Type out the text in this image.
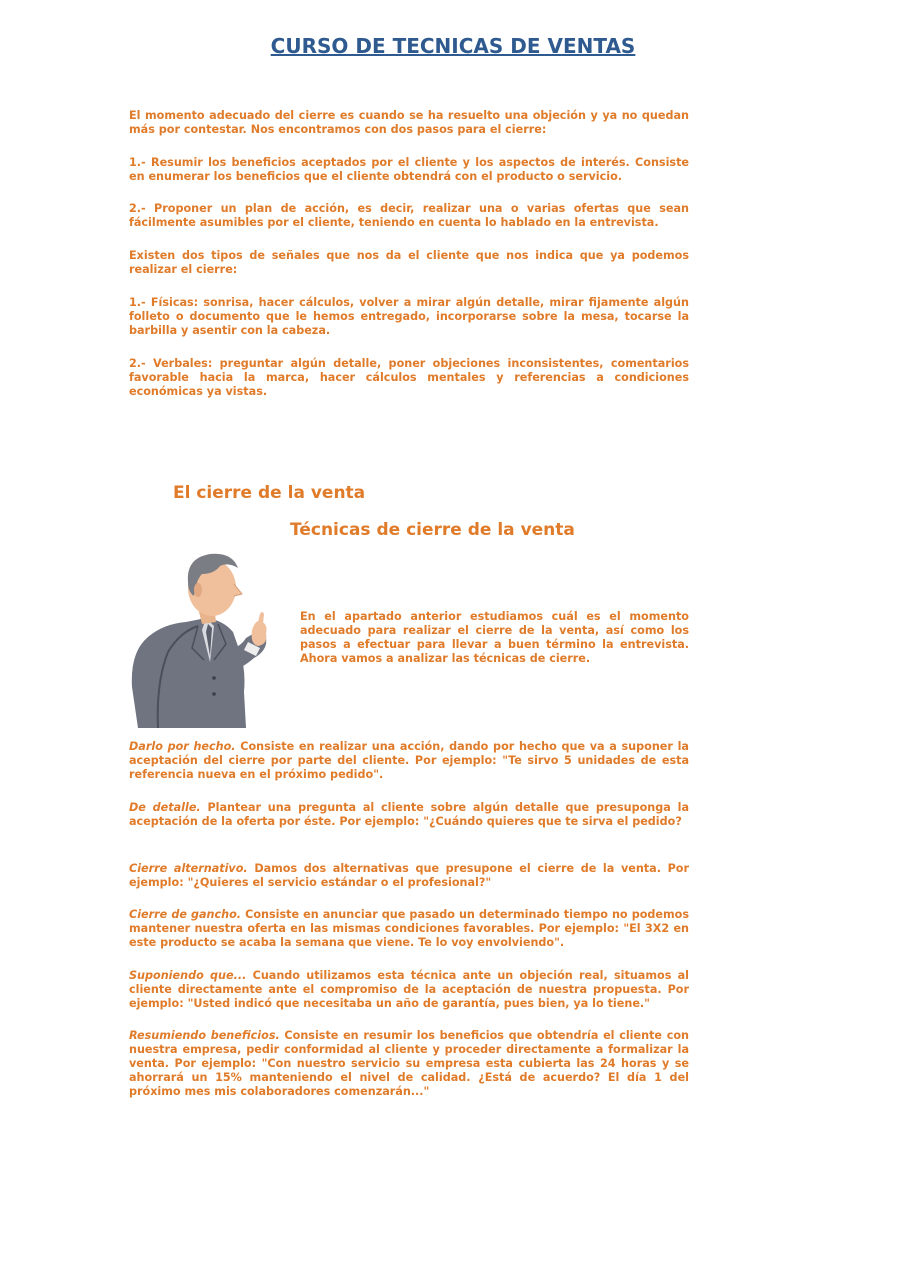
CURSO DE TECNICAS DE VENTAS

El momento adecuado del cierre es cuando se ha resuelto una objeción y ya no quedan más por contestar. Nos encontramos con dos pasos para el cierre:

1.- Resumir los beneficios aceptados por el cliente y los aspectos de interés. Consiste en enumerar los beneficios que el cliente obtendrá con el producto o servicio.

2.- Proponer un plan de acción, es decir, realizar una o varias ofertas que sean fácilmente asumibles por el cliente, teniendo en cuenta lo hablado en la entrevista.

Existen dos tipos de señales que nos da el cliente que nos indica que ya podemos realizar el cierre:

1.- Físicas: sonrisa, hacer cálculos, volver a mirar algún detalle, mirar fijamente algún folleto o documento que le hemos entregado, incorporarse sobre la mesa, tocarse la barbilla y asentir con la cabeza.

2.- Verbales: preguntar algún detalle, poner objeciones inconsistentes, comentarios favorable hacia la marca, hacer cálculos mentales y referencias a condiciones económicas ya vistas.

El cierre de la venta
Técnicas de cierre de la venta

En el apartado anterior estudiamos cuál es el momento adecuado para realizar el cierre de la venta, así como los pasos a efectuar para llevar a buen término la entrevista. Ahora vamos a analizar las técnicas de cierre.

Darlo por hecho. Consiste en realizar una acción, dando por hecho que va a suponer la aceptación del cierre por parte del cliente. Por ejemplo: "Te sirvo 5 unidades de esta referencia nueva en el próximo pedido".

De detalle. Plantear una pregunta al cliente sobre algún detalle que presuponga la aceptación de la oferta por éste. Por ejemplo: "¿Cuándo quieres que te sirva el pedido?

Cierre alternativo. Damos dos alternativas que presupone el cierre de la venta. Por ejemplo: "¿Quieres el servicio estándar o el profesional?"

Cierre de gancho. Consiste en anunciar que pasado un determinado tiempo no podemos mantener nuestra oferta en las mismas condiciones favorables. Por ejemplo: "El 3X2 en este producto se acaba la semana que viene. Te lo voy envolviendo".

Suponiendo que... Cuando utilizamos esta técnica ante un objeción real, situamos al cliente directamente ante el compromiso de la aceptación de nuestra propuesta. Por ejemplo: "Usted indicó que necesitaba un año de garantía, pues bien, ya lo tiene."

Resumiendo beneficios. Consiste en resumir los beneficios que obtendría el cliente con nuestra empresa, pedir conformidad al cliente y proceder directamente a formalizar la venta. Por ejemplo: "Con nuestro servicio su empresa esta cubierta las 24 horas y se ahorrará un 15% manteniendo el nivel de calidad. ¿Está de acuerdo? El día 1 del próximo mes mis colaboradores comenzarán..."
